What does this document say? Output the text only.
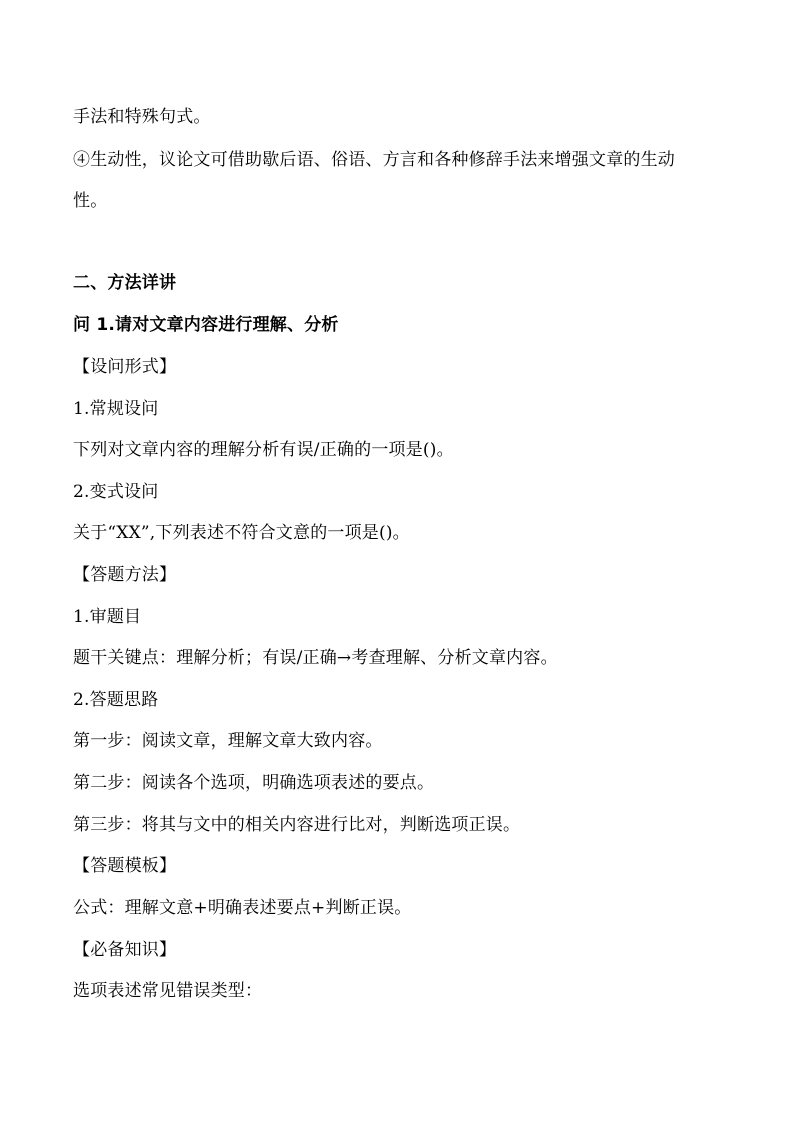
手法和特殊句式。
④生动性，议论文可借助歇后语、俗语、方言和各种修辞手法来增强文章的生动
性。
二、方法详讲
问 1.请对文章内容进行理解、分析
【设问形式】
1.常规设问
下列对文章内容的理解分析有误/正确的一项是()。
2.变式设问
关于“XX”,下列表述不符合文意的一项是()。
【答题方法】
1.审题目
题干关键点：理解分析；有误/正确→考查理解、分析文章内容。
2.答题思路
第一步：阅读文章，理解文章大致内容。
第二步：阅读各个选项，明确选项表述的要点。
第三步：将其与文中的相关内容进行比对，判断选项正误。
【答题模板】
公式：理解文意+明确表述要点+判断正误。
【必备知识】
选项表述常见错误类型：
